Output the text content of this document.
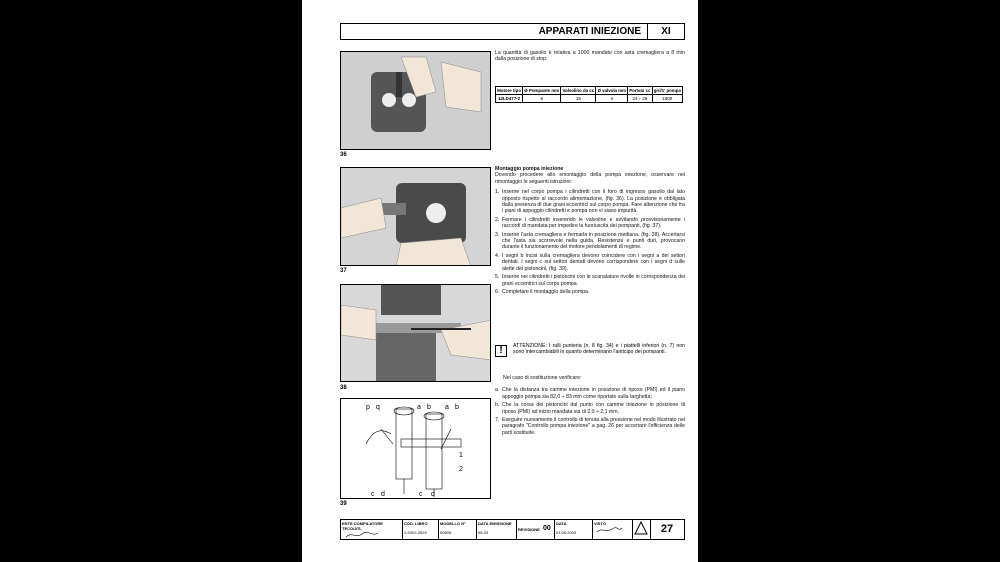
APPARATI INIEZIONE	XI
36
37
38
p q	a b a b
c d	c d
1
2
39

La quantità di gasolio è relativa a 1000 mandate con asta cremagliera a 8 mm dalla posizione di stop.

Motore tipo	Ø Pompante mm	Valvolino da cc	Ø valvola mm	Portata cc	giri/1' pompa
12LD477-2	8	15	4	24 ÷ 26	1500

Montaggio pompa iniezione

Dovendo procedere allo smontaggio della pompa iniezione, osservare nel rimontaggio le seguenti istruzioni:

1. Inserire nel corpo pompa i cilindretti con il foro di ingresso gasolio dal lato opposto rispetto al raccordo alimentazione, (fig. 36). La posizione è obbligata dalla presenza di due grani eccentrici sul corpo pompa. Fare attenzione che fra i piani di appoggio cilindretti e pompa non vi siano impurità.
2. Fermare i cilindretti inserendo le valvoline e avvitando provvisoriamente i raccordi di mandata per impedire la fuoriuscita dei pompanti, (fig. 37).
3. Inserire l'asta cremagliera e fermarla in posizione mediana, (fig. 38). Accertarsi che l'asta sia scorrevole nella guida. Resistenze e punti duri, provocano durante il funzionamento del motore pendolamenti di regime.
4. I segni b incisi sulla cremagliera devono coincidere con i segni a dei settori dentati. I segni c sui settori dentati devono corrispondere con i segni d sulle alette dei pistoncini, (fig. 39).
5. Inserire nei cilindretti i pistoncini con le scanalature rivolte in corrispondenza dei grani eccentrici sul corpo pompa.
6. Completare il montaggio della pompa.
!	ATTENZIONE: I rulli punteria (n. 8 fig. 34) e i piattelli inferiori (n. 7) non sono intercambiabili in quanto determinano l'anticipo dei pompanti.

Nel caso di sostituzione verificare:

a. Che la distanza tra camme iniezione in posizione di riposo (PMI) ed il piano appoggio pompa sia 82,0 ÷ 83 mm come riportato sulla targhetta;
b. Che la corsa dei pistoncini dal punto con camme iniezione in posizione di riposo (PMI) ad inizio mandata sia di 2,0 ÷ 2,1 mm.
7. Eseguire nuovamente il controllo di tenuta alla pressione nel modo illustrato nel paragrafo "Controllo pompa iniezione" a pag. 26 per accertare l'efficienza delle parti sostituite.
ENTE COMPILATORE TECO/ATL
COD. LIBRO
1-5302-2629
MODELLO N°
50605
DATA EMISSIONE
06-03
REVISIONE 00
DATA
01.06.2003
VISTO	27
